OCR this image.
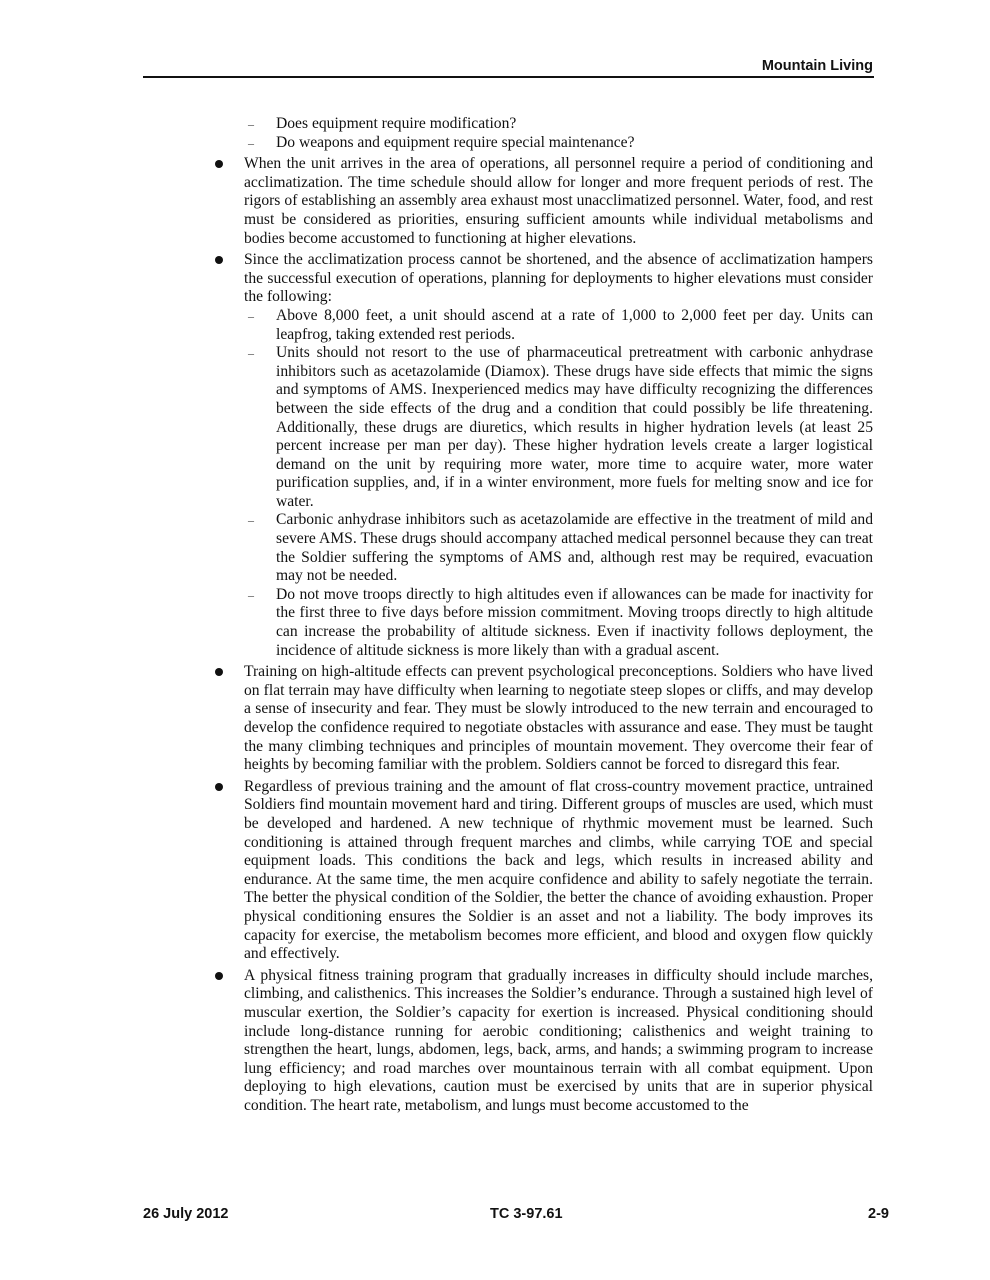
Mountain Living
– Does equipment require modification?
– Do weapons and equipment require special maintenance?
When the unit arrives in the area of operations, all personnel require a period of conditioning and acclimatization. The time schedule should allow for longer and more frequent periods of rest. The rigors of establishing an assembly area exhaust most unacclimatized personnel. Water, food, and rest must be considered as priorities, ensuring sufficient amounts while individual metabolisms and bodies become accustomed to functioning at higher elevations.
Since the acclimatization process cannot be shortened, and the absence of acclimatization hampers the successful execution of operations, planning for deployments to higher elevations must consider the following:
– Above 8,000 feet, a unit should ascend at a rate of 1,000 to 2,000 feet per day. Units can leapfrog, taking extended rest periods.
– Units should not resort to the use of pharmaceutical pretreatment with carbonic anhydrase inhibitors such as acetazolamide (Diamox). These drugs have side effects that mimic the signs and symptoms of AMS. Inexperienced medics may have difficulty recognizing the differences between the side effects of the drug and a condition that could possibly be life threatening. Additionally, these drugs are diuretics, which results in higher hydration levels (at least 25 percent increase per man per day). These higher hydration levels create a larger logistical demand on the unit by requiring more water, more time to acquire water, more water purification supplies, and, if in a winter environment, more fuels for melting snow and ice for water.
– Carbonic anhydrase inhibitors such as acetazolamide are effective in the treatment of mild and severe AMS. These drugs should accompany attached medical personnel because they can treat the Soldier suffering the symptoms of AMS and, although rest may be required, evacuation may not be needed.
– Do not move troops directly to high altitudes even if allowances can be made for inactivity for the first three to five days before mission commitment. Moving troops directly to high altitude can increase the probability of altitude sickness. Even if inactivity follows deployment, the incidence of altitude sickness is more likely than with a gradual ascent.
Training on high-altitude effects can prevent psychological preconceptions. Soldiers who have lived on flat terrain may have difficulty when learning to negotiate steep slopes or cliffs, and may develop a sense of insecurity and fear. They must be slowly introduced to the new terrain and encouraged to develop the confidence required to negotiate obstacles with assurance and ease. They must be taught the many climbing techniques and principles of mountain movement. They overcome their fear of heights by becoming familiar with the problem. Soldiers cannot be forced to disregard this fear.
Regardless of previous training and the amount of flat cross-country movement practice, untrained Soldiers find mountain movement hard and tiring. Different groups of muscles are used, which must be developed and hardened. A new technique of rhythmic movement must be learned. Such conditioning is attained through frequent marches and climbs, while carrying TOE and special equipment loads. This conditions the back and legs, which results in increased ability and endurance. At the same time, the men acquire confidence and ability to safely negotiate the terrain. The better the physical condition of the Soldier, the better the chance of avoiding exhaustion. Proper physical conditioning ensures the Soldier is an asset and not a liability. The body improves its capacity for exercise, the metabolism becomes more efficient, and blood and oxygen flow quickly and effectively.
A physical fitness training program that gradually increases in difficulty should include marches, climbing, and calisthenics. This increases the Soldier’s endurance. Through a sustained high level of muscular exertion, the Soldier’s capacity for exertion is increased. Physical conditioning should include long-distance running for aerobic conditioning; calisthenics and weight training to strengthen the heart, lungs, abdomen, legs, back, arms, and hands; a swimming program to increase lung efficiency; and road marches over mountainous terrain with all combat equipment. Upon deploying to high elevations, caution must be exercised by units that are in superior physical condition. The heart rate, metabolism, and lungs must become accustomed to the
26 July 2012	TC 3-97.61	2-9
